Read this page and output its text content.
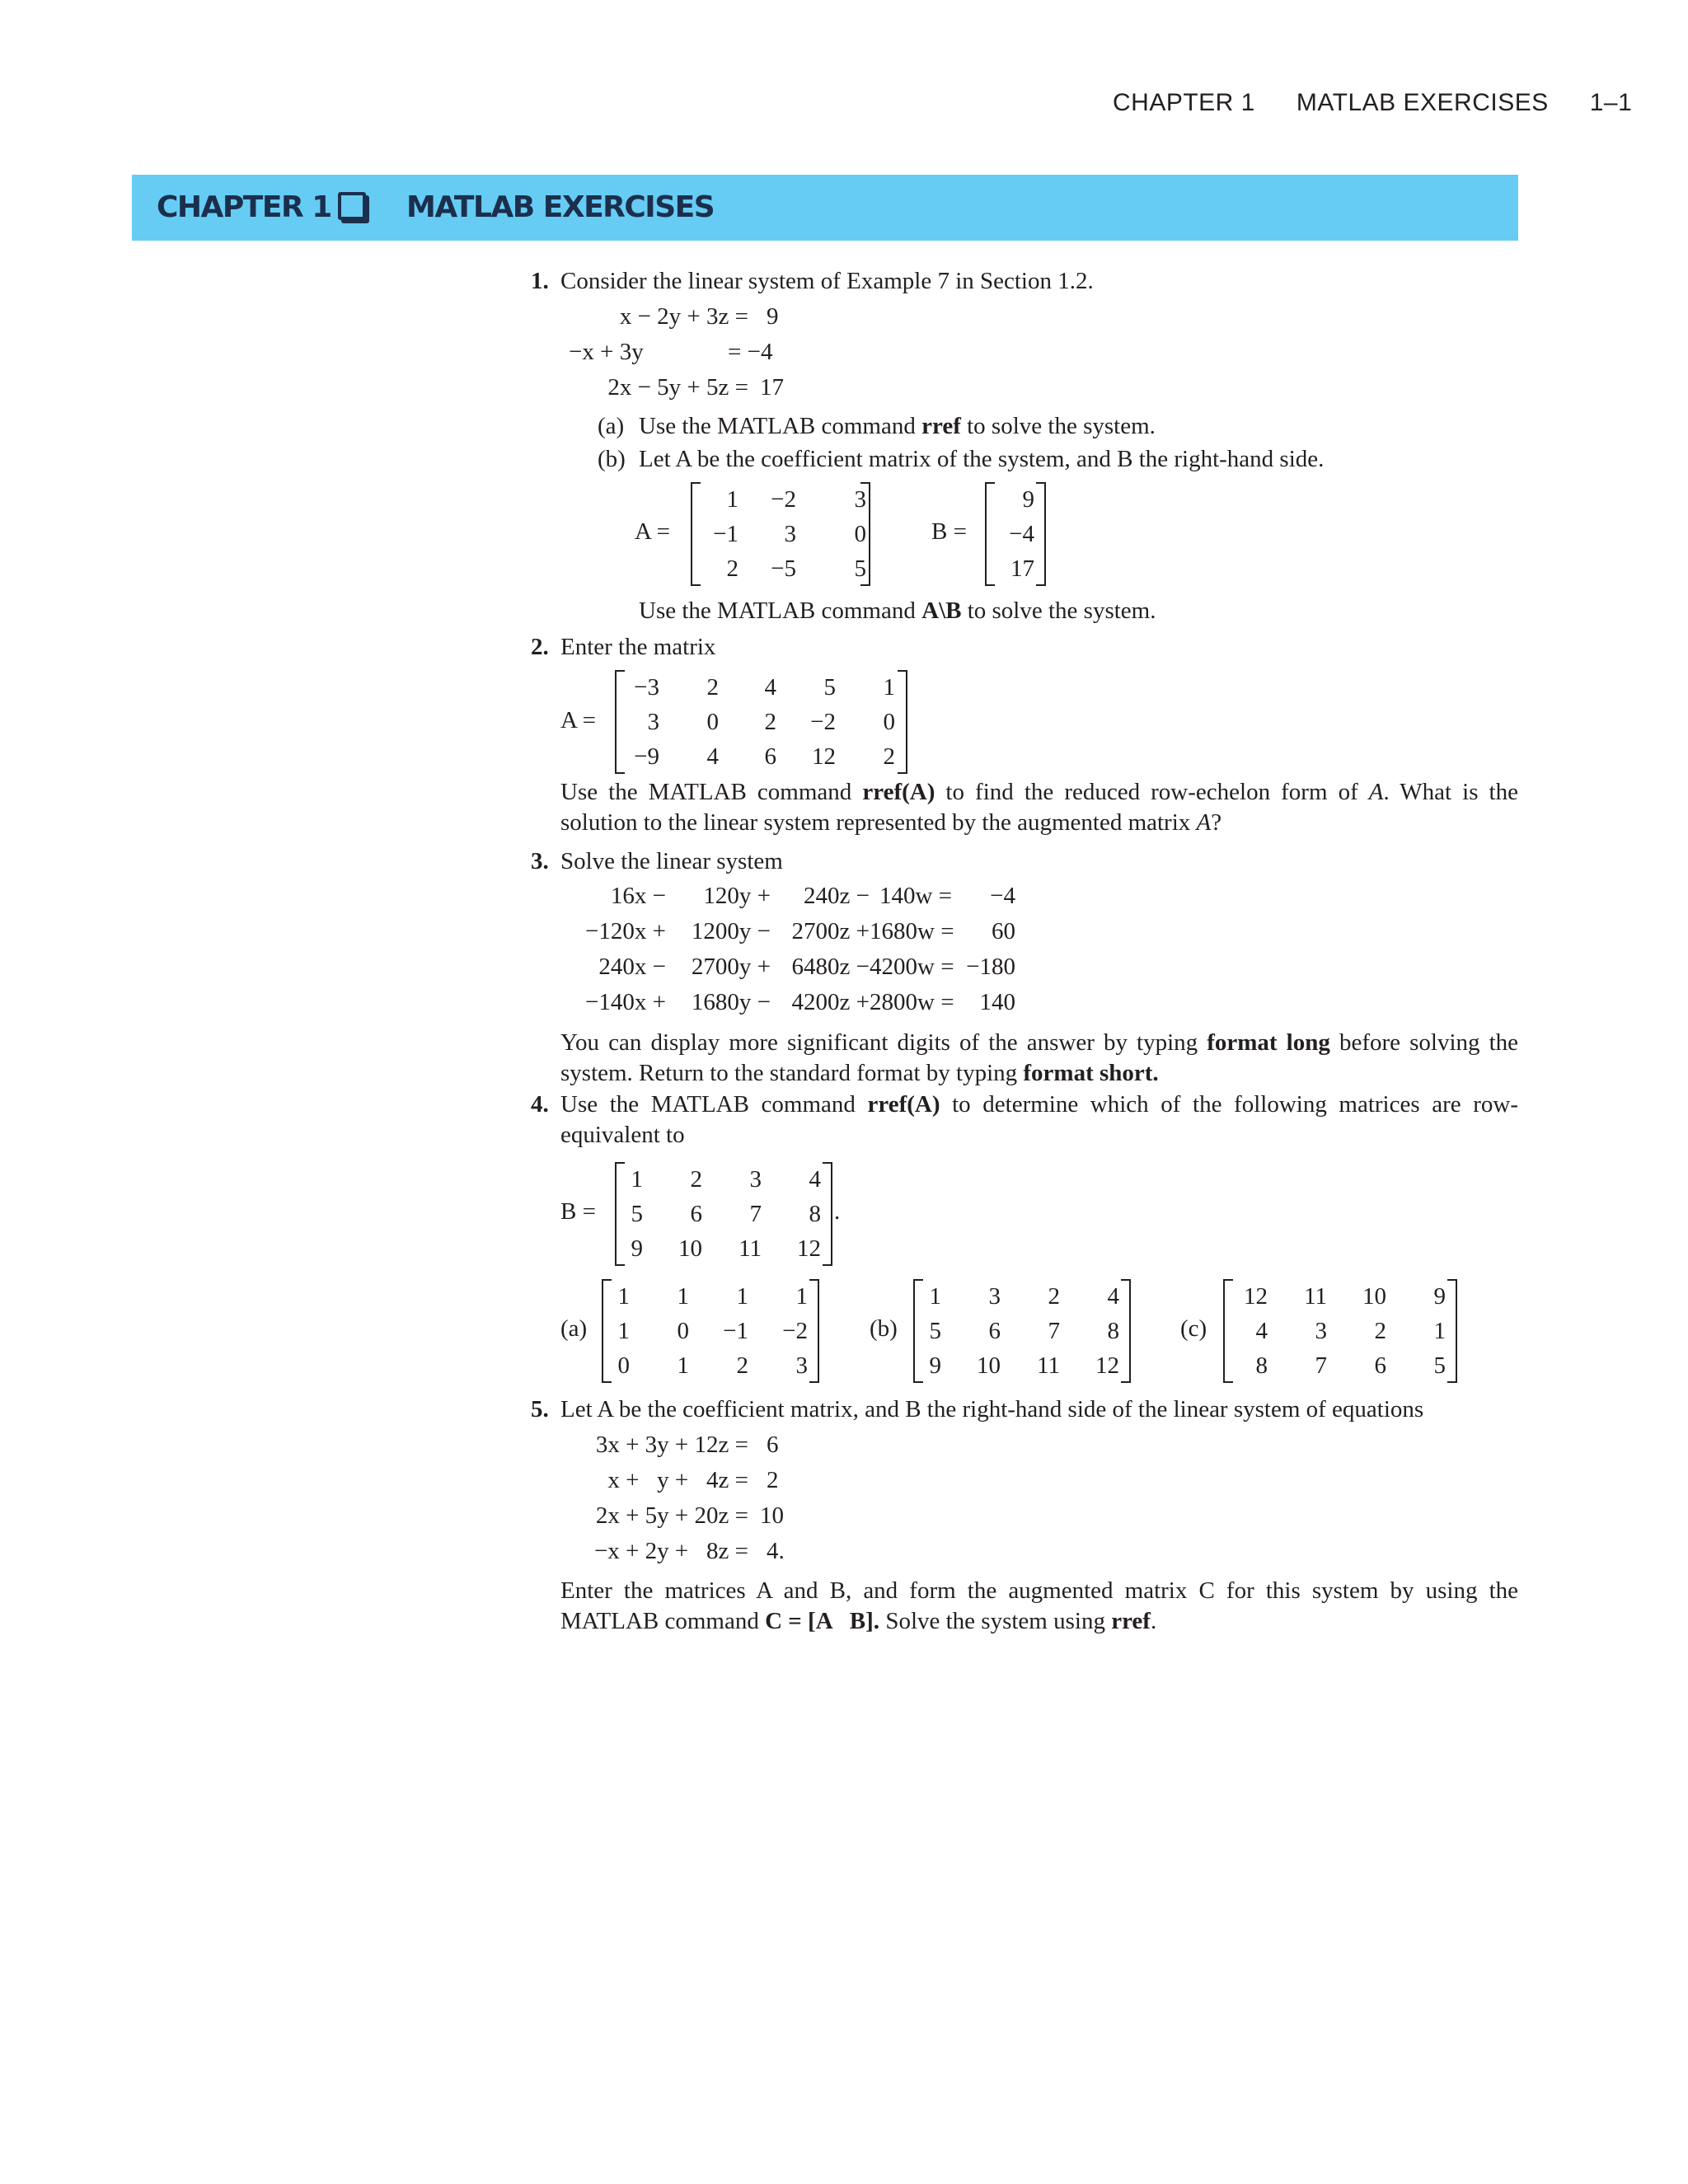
CHAPTER 1 MATLAB EXERCISES 1–1
CHAPTER 1	MATLAB EXERCISES
1. Consider the linear system of Example 7 in Section 1.2.
x − 2y + 3z = 9
−x + 3y	= −4
2x − 5y + 5z = 17
(a) Use the MATLAB command rref to solve the system.
(b) Let A be the coefficient matrix of the system, and B the right-hand side.
A =
1	−2	3
−1	3	0
2	−5	5
B =
9
−4
17
Use the MATLAB command A\B to solve the system.
2. Enter the matrix
A =
−3	2	4	5	1
3	0	2	−2	0
−9	4	6	12	2
Use the MATLAB command rref(A) to find the reduced row-echelon form of A. What is the solution to the linear system represented by the augmented matrix A?
3. Solve the linear system
16x −	120y +	240z − 140w =	−4
−120x +	1200y − 2700z + 1680w =	60
240x −	2700y + 6480z − 4200w = −180
−140x +	1680y − 4200z + 2800w =	140
You can display more significant digits of the answer by typing format long before solving the system. Return to the standard format by typing format short.
4. Use the MATLAB command rref(A) to determine which of the following matrices are row-equivalent to
B =
1	2	3	4
5	6	7	8
9	10	11	12
.
(a)
1	1	1	1
1	0	−1	−2
0	1	2	3
(b)
1	3	2	4
5	6	7	8
9	10	11	12
(c)
12	11	10	9
4	3	2	1
8	7	6	5
5. Let A be the coefficient matrix, and B the right-hand side of the linear system of equations
3x + 3y + 12z = 6
x +   y +   4z = 2
2x + 5y + 20z = 10
−x + 2y +   8z = 4.
Enter the matrices A and B, and form the augmented matrix C for this system by using the MATLAB command C = [A   B]. Solve the system using rref.
